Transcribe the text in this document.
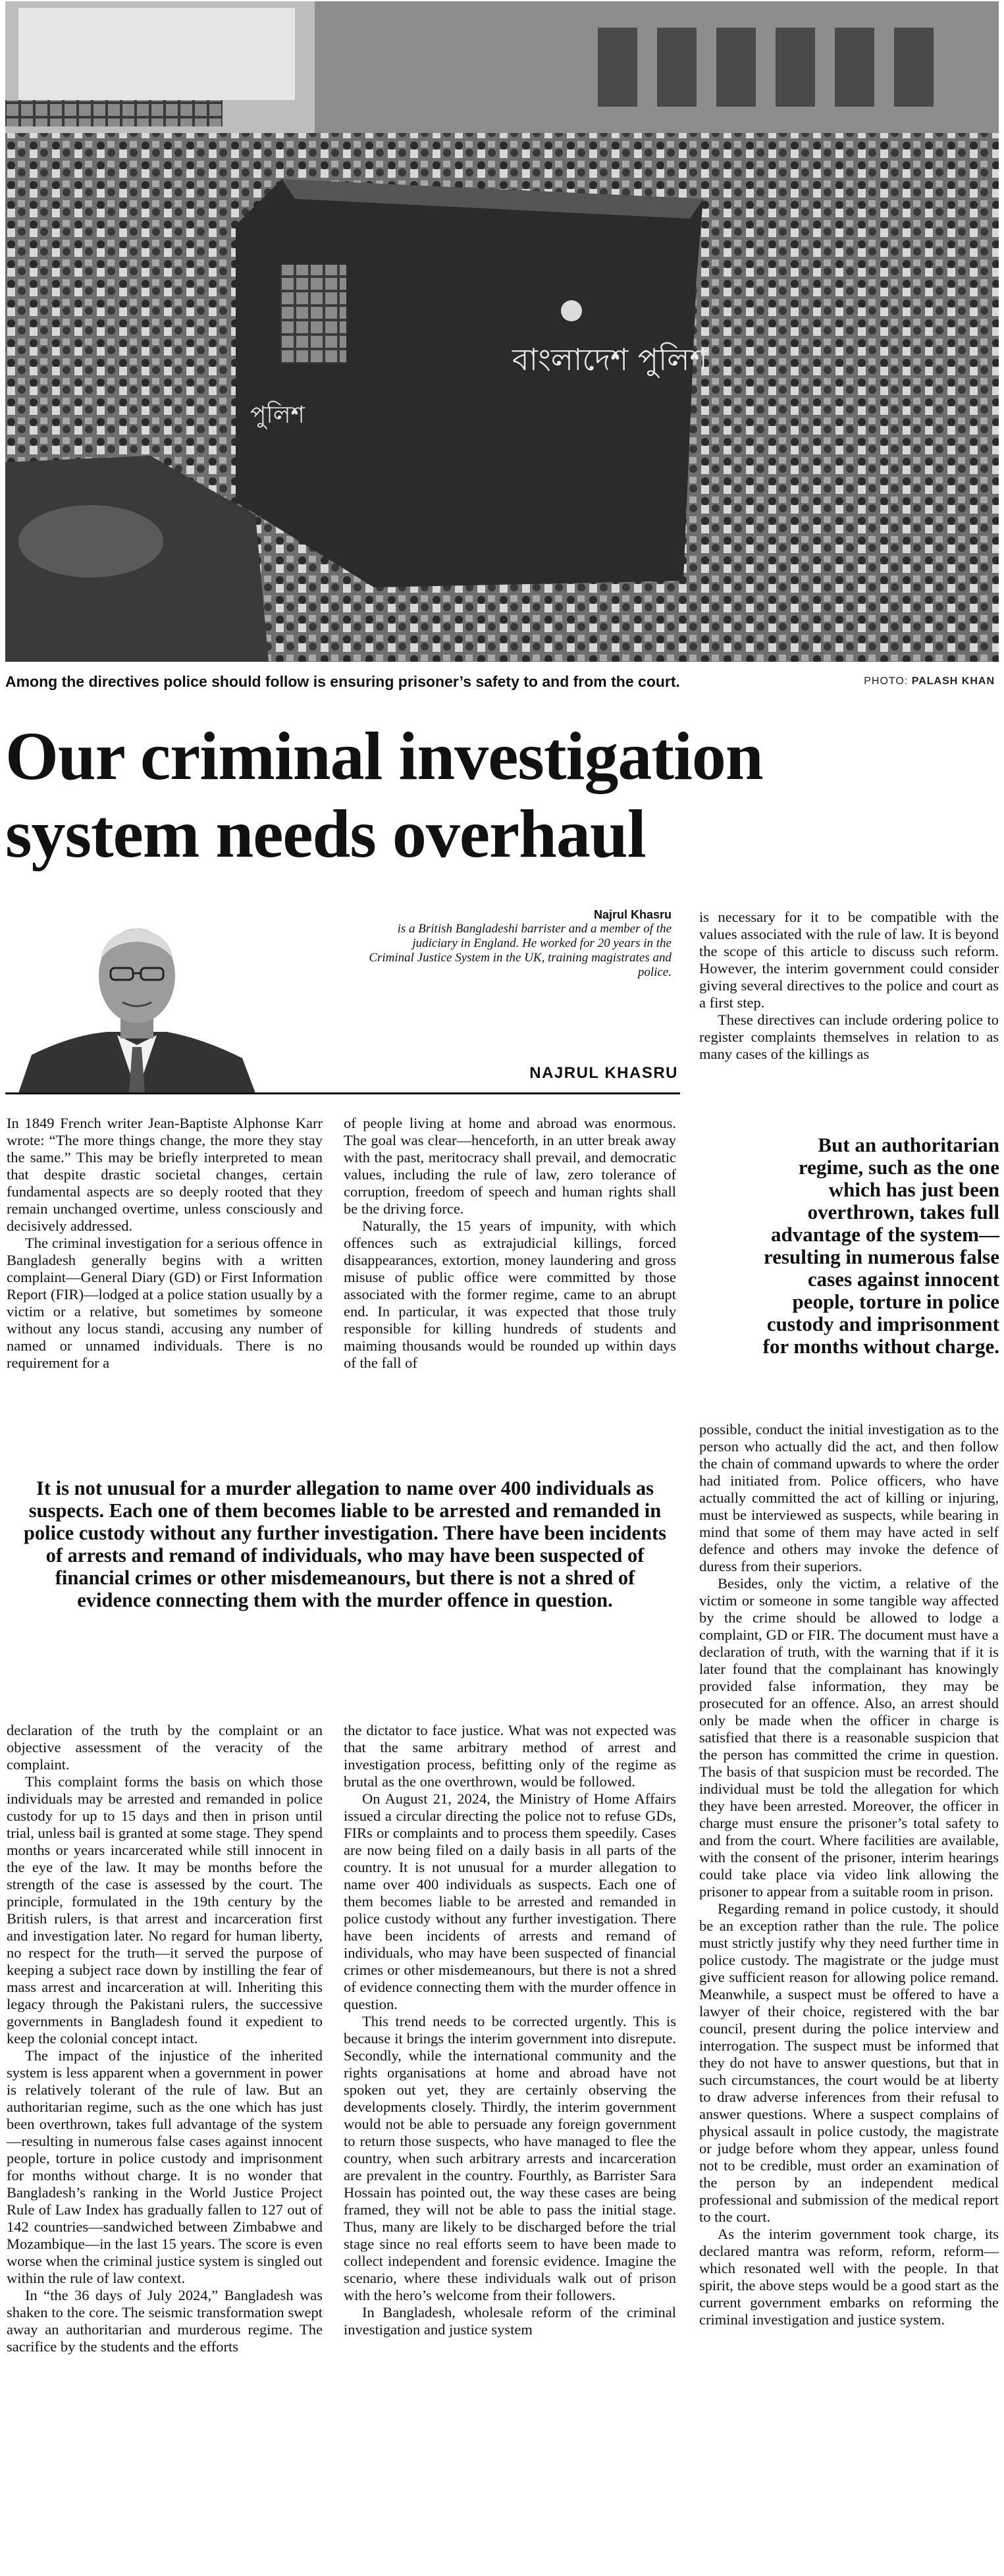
বাংলাদেশ পুলিশ
পুলিশ
Among the directives police should follow is ensuring prisoner’s safety to and from the court.	PHOTO: PALASH KHAN
Our criminal investigation
system needs overhaul
Najrul Khasru
is a British Bangladeshi barrister and a member of the judiciary in England. He worked for 20 years in the Criminal Justice System in the UK, training magistrates and police.
NAJRUL KHASRU

In 1849 French writer Jean-Baptiste Alphonse Karr wrote: “The more things change, the more they stay the same.” This may be briefly interpreted to mean that despite drastic societal changes, certain fundamental aspects are so deeply rooted that they remain unchanged overtime, unless consciously and decisively addressed.

The criminal investigation for a serious offence in Bangladesh generally begins with a written complaint—General Diary (GD) or First Information Report (FIR)—lodged at a police station usually by a victim or a relative, but sometimes by someone without any locus standi, accusing any number of named or unnamed individuals. There is no requirement for a

of people living at home and abroad was enormous. The goal was clear—henceforth, in an utter break away with the past, meritocracy shall prevail, and democratic values, including the rule of law, zero tolerance of corruption, freedom of speech and human rights shall be the driving force.

Naturally, the 15 years of impunity, with which offences such as extrajudicial killings, forced disappearances, extortion, money laundering and gross misuse of public office were committed by those associated with the former regime, came to an abrupt end. In particular, it was expected that those truly responsible for killing hundreds of students and maiming thousands would be rounded up within days of the fall of

is necessary for it to be compatible with the values associated with the rule of law. It is beyond the scope of this article to discuss such reform. However, the interim government could consider giving several directives to the police and court as a first step.

These directives can include ordering police to register complaints themselves in relation to as many cases of the killings as

But an authoritarian regime, such as the one which has just been overthrown, takes full advantage of the system—resulting in numerous false cases against innocent people, torture in police custody and imprisonment for months without charge.
It is not unusual for a murder allegation to name over 400 individuals as suspects. Each one of them becomes liable to be arrested and remanded in police custody without any further investigation. There have been incidents of arrests and remand of individuals, who may have been suspected of financial crimes or other misdemeanours, but there is not a shred of evidence connecting them with the murder offence in question.

declaration of the truth by the complaint or an objective assessment of the veracity of the complaint.

This complaint forms the basis on which those individuals may be arrested and remanded in police custody for up to 15 days and then in prison until trial, unless bail is granted at some stage. They spend months or years incarcerated while still innocent in the eye of the law. It may be months before the strength of the case is assessed by the court. The principle, formulated in the 19th century by the British rulers, is that arrest and incarceration first and investigation later. No regard for human liberty, no respect for the truth—it served the purpose of keeping a subject race down by instilling the fear of mass arrest and incarceration at will. Inheriting this legacy through the Pakistani rulers, the successive governments in Bangladesh found it expedient to keep the colonial concept intact.

The impact of the injustice of the inherited system is less apparent when a government in power is relatively tolerant of the rule of law. But an authoritarian regime, such as the one which has just been overthrown, takes full advantage of the system—resulting in numerous false cases against innocent people, torture in police custody and imprisonment for months without charge. It is no wonder that Bangladesh’s ranking in the World Justice Project Rule of Law Index has gradually fallen to 127 out of 142 countries—sandwiched between Zimbabwe and Mozambique—in the last 15 years. The score is even worse when the criminal justice system is singled out within the rule of law context.

In “the 36 days of July 2024,” Bangladesh was shaken to the core. The seismic transformation swept away an authoritarian and murderous regime. The sacrifice by the students and the efforts

the dictator to face justice. What was not expected was that the same arbitrary method of arrest and investigation process, befitting only of the regime as brutal as the one overthrown, would be followed.

On August 21, 2024, the Ministry of Home Affairs issued a circular directing the police not to refuse GDs, FIRs or complaints and to process them speedily. Cases are now being filed on a daily basis in all parts of the country. It is not unusual for a murder allegation to name over 400 individuals as suspects. Each one of them becomes liable to be arrested and remanded in police custody without any further investigation. There have been incidents of arrests and remand of individuals, who may have been suspected of financial crimes or other misdemeanours, but there is not a shred of evidence connecting them with the murder offence in question.

This trend needs to be corrected urgently. This is because it brings the interim government into disrepute. Secondly, while the international community and the rights organisations at home and abroad have not spoken out yet, they are certainly observing the developments closely. Thirdly, the interim government would not be able to persuade any foreign government to return those suspects, who have managed to flee the country, when such arbitrary arrests and incarceration are prevalent in the country. Fourthly, as Barrister Sara Hossain has pointed out, the way these cases are being framed, they will not be able to pass the initial stage. Thus, many are likely to be discharged before the trial stage since no real efforts seem to have been made to collect independent and forensic evidence. Imagine the scenario, where these individuals walk out of prison with the hero’s welcome from their followers.

In Bangladesh, wholesale reform of the criminal investigation and justice system

possible, conduct the initial investigation as to the person who actually did the act, and then follow the chain of command upwards to where the order had initiated from. Police officers, who have actually committed the act of killing or injuring, must be interviewed as suspects, while bearing in mind that some of them may have acted in self defence and others may invoke the defence of duress from their superiors.

Besides, only the victim, a relative of the victim or someone in some tangible way affected by the crime should be allowed to lodge a complaint, GD or FIR. The document must have a declaration of truth, with the warning that if it is later found that the complainant has knowingly provided false information, they may be prosecuted for an offence. Also, an arrest should only be made when the officer in charge is satisfied that there is a reasonable suspicion that the person has committed the crime in question. The basis of that suspicion must be recorded. The individual must be told the allegation for which they have been arrested. Moreover, the officer in charge must ensure the prisoner’s total safety to and from the court. Where facilities are available, with the consent of the prisoner, interim hearings could take place via video link allowing the prisoner to appear from a suitable room in prison.

Regarding remand in police custody, it should be an exception rather than the rule. The police must strictly justify why they need further time in police custody. The magistrate or the judge must give sufficient reason for allowing police remand. Meanwhile, a suspect must be offered to have a lawyer of their choice, registered with the bar council, present during the police interview and interrogation. The suspect must be informed that they do not have to answer questions, but that in such circumstances, the court would be at liberty to draw adverse inferences from their refusal to answer questions. Where a suspect complains of physical assault in police custody, the magistrate or judge before whom they appear, unless found not to be credible, must order an examination of the person by an independent medical professional and submission of the medical report to the court.

As the interim government took charge, its declared mantra was reform, reform, reform—which resonated well with the people. In that spirit, the above steps would be a good start as the current government embarks on reforming the criminal investigation and justice system.
